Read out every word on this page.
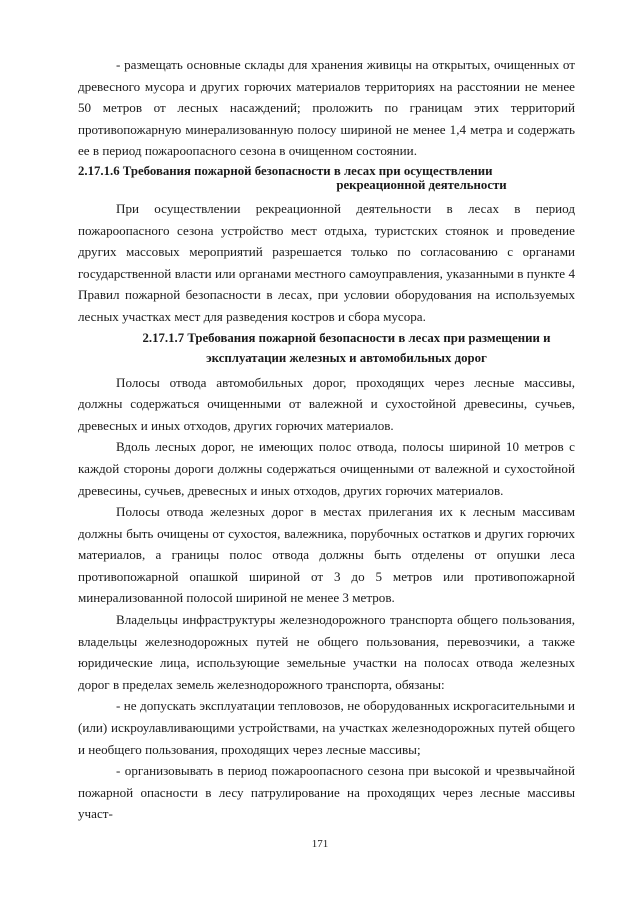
- размещать основные склады для хранения живицы на открытых, очищенных от древесного мусора и других горючих материалов территориях на расстоянии не менее 50 метров от лесных насаждений; проложить по границам этих территорий противопожарную минерализованную полосу шириной не менее 1,4 метра и содержать ее в период пожароопасного сезона в очищенном состоянии.

2.17.1.6 Требования пожарной безопасности в лесах при осуществлении

рекреационной деятельности

При осуществлении рекреационной деятельности в лесах в период пожароопасного сезона устройство мест отдыха, туристских стоянок и проведение других массовых мероприятий разрешается только по согласованию с органами государственной власти или органами местного самоуправления, указанными в пункте 4 Правил пожарной безопасности в лесах, при условии оборудования на используемых лесных участках мест для разведения костров и сбора мусора.

2.17.1.7 Требования пожарной безопасности в лесах при размещении и

эксплуатации железных и автомобильных дорог

Полосы отвода автомобильных дорог, проходящих через лесные массивы, должны содержаться очищенными от валежной и сухостойной древесины, сучьев, древесных и иных отходов, других горючих материалов.

Вдоль лесных дорог, не имеющих полос отвода, полосы шириной 10 метров с каждой стороны дороги должны содержаться очищенными от валежной и сухостойной древесины, сучьев, древесных и иных отходов, других горючих материалов.

Полосы отвода железных дорог в местах прилегания их к лесным массивам должны быть очищены от сухостоя, валежника, порубочных остатков и других горючих материалов, а границы полос отвода должны быть отделены от опушки леса противопожарной опашкой шириной от 3 до 5 метров или противопожарной минерализованной полосой шириной не менее 3 метров.

Владельцы инфраструктуры железнодорожного транспорта общего пользования, владельцы железнодорожных путей не общего пользования, перевозчики, а также юридические лица, использующие земельные участки на полосах отвода железных дорог в пределах земель железнодорожного транспорта, обязаны:

- не допускать эксплуатации тепловозов, не оборудованных искрогасительными и (или) искроулавливающими устройствами, на участках железнодорожных путей общего и необщего пользования, проходящих через лесные массивы;

- организовывать в период пожароопасного сезона при высокой и чрезвычайной пожарной опасности в лесу патрулирование на проходящих через лесные массивы участ-

171
